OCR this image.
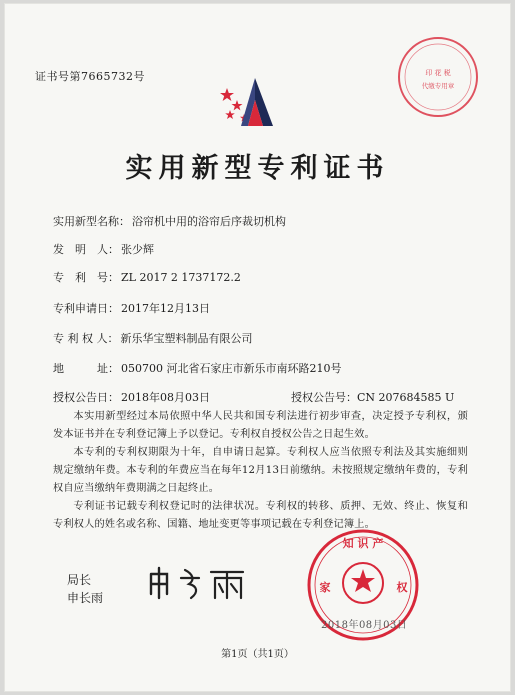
证书号第7665732号	印 花 税
代缴专用章
实用新型专利证书
实用新型名称： 浴帘机中用的浴帘后序裁切机构
发　明　人： 张少辉
专　利　号： ZL 2017 2 1737172.2
专利申请日： 2017年12月13日
专 利 权 人： 新乐华宝塑料制品有限公司
地　　　址： 050700 河北省石家庄市新乐市南环路210号
授权公告日： 2018年08月03日	授权公告号：CN 207684585 U
本实用新型经过本局依照中华人民共和国专利法进行初步审查，决定授予专利权，颁发本证书并在专利登记簿上予以登记。专利权自授权公告之日起生效。
本专利的专利权期限为十年，自申请日起算。专利权人应当依照专利法及其实施细则规定缴纳年费。本专利的年费应当在每年12月13日前缴纳。未按照规定缴纳年费的，专利权自应当缴纳年费期满之日起终止。
专利证书记载专利权登记时的法律状况。专利权的转移、质押、无效、终止、恢复和专利权人的姓名或名称、国籍、地址变更等事项记载在专利登记簿上。
局长
申长雨
知 识 产
家	权
2018年08月03日
第1页（共1页）
